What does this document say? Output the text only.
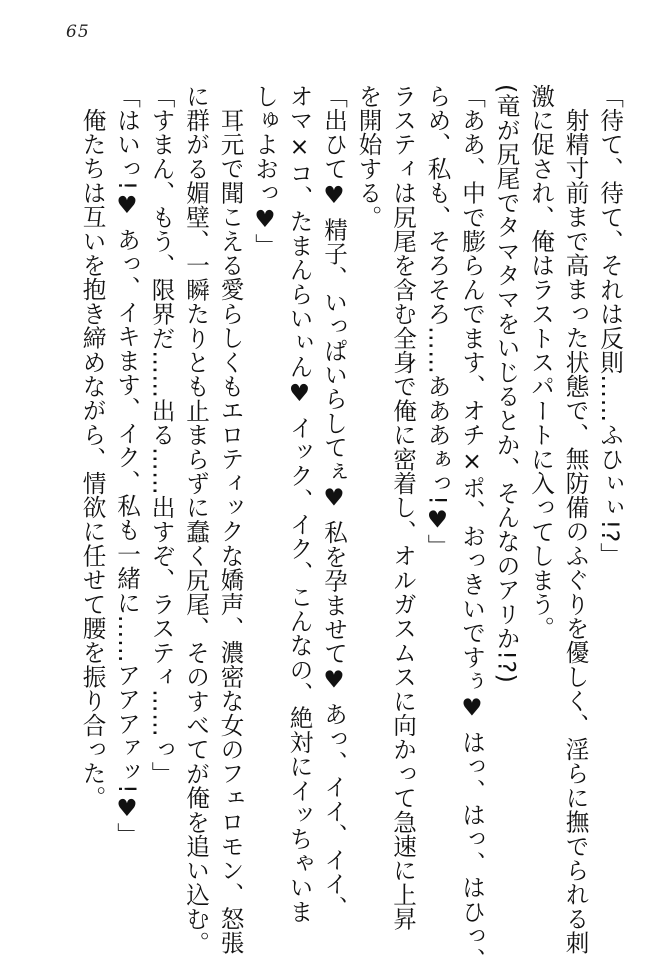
65
「待て、待て、それは反則……ふひぃぃ!?」
射精寸前まで高まった状態で、無防備のふぐりを優しく、淫らに撫でられる刺
激に促され、俺はラストスパートに入ってしまう。
(竜が尻尾でタマタマをいじるとか、そんなのアリか!?)
「ああ、中で膨らんでます、オチ×ポ、おっきいですぅ♥ はっ、はっ、はひっ、
らめ、私も、そろそろ……あああぁっ!♥」
ラスティは尻尾を含む全身で俺に密着し、オルガスムスに向かって急速に上昇
を開始する。
「出ひて♥ 精子、いっぱいらしてぇ♥ 私を孕ませて♥ あっ、イイ、イイ、
オマ×コ、たまんらいぃん♥ イック、イク、こんなの、絶対にイッちゃいま
しゅよおっ♥」
耳元で聞こえる愛らしくもエロティックな嬌声、濃密な女のフェロモン、怒張
に群がる媚壁、一瞬たりとも止まらずに蠢く尻尾、そのすべてが俺を追い込む。
「すまん、もう、限界だ……出る……出すぞ、ラスティ……っ」
「はいっ!♥ あっ、イキます、イク、私も一緒に……アアアァッ!♥」
俺たちは互いを抱き締めながら、情欲に任せて腰を振り合った。
